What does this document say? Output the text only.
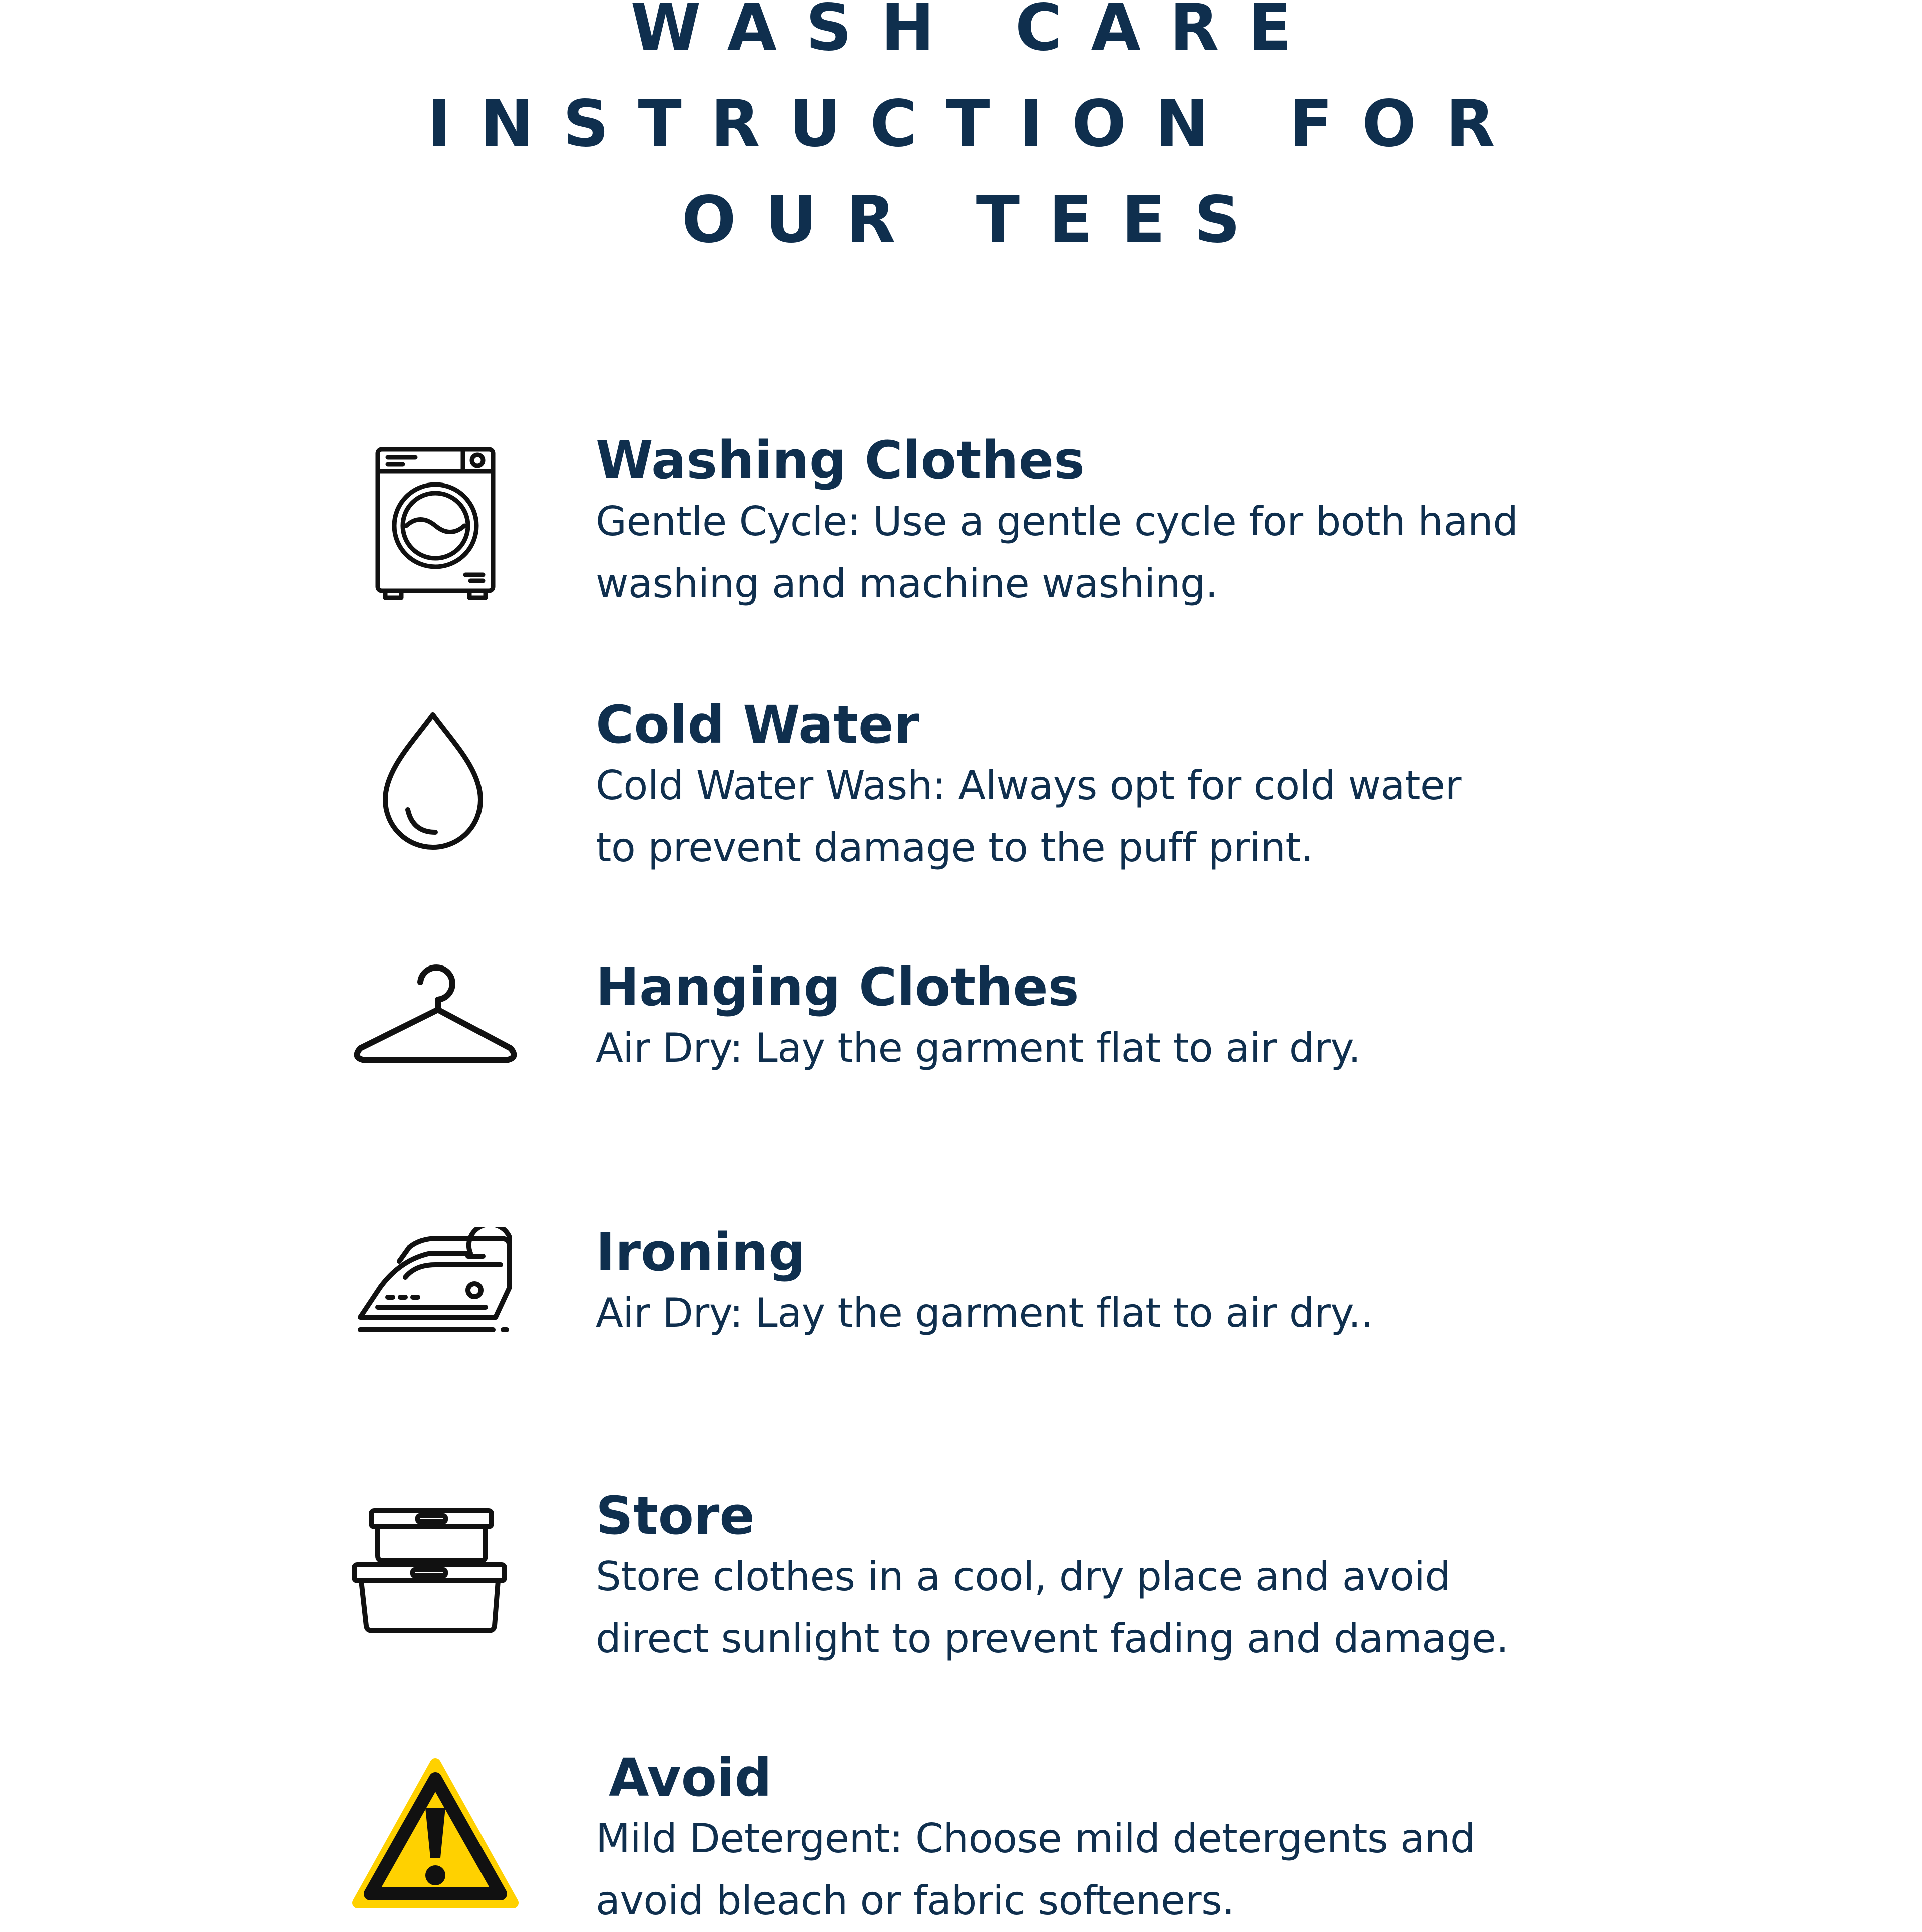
WASH CARE
INSTRUCTION FOR
OUR TEES
Washing Clothes
Gentle Cycle: Use a gentle cycle for both hand
washing and machine washing.
Cold Water
Cold Water Wash: Always opt for cold water
to prevent damage to the puff print.
Hanging Clothes
Air Dry: Lay the garment flat to air dry.
Ironing
Air Dry: Lay the garment flat to air dry..
Store
Store clothes in a cool, dry place and avoid
direct sunlight to prevent fading and damage.
Avoid
Mild Detergent: Choose mild detergents and
avoid bleach or fabric softeners.
